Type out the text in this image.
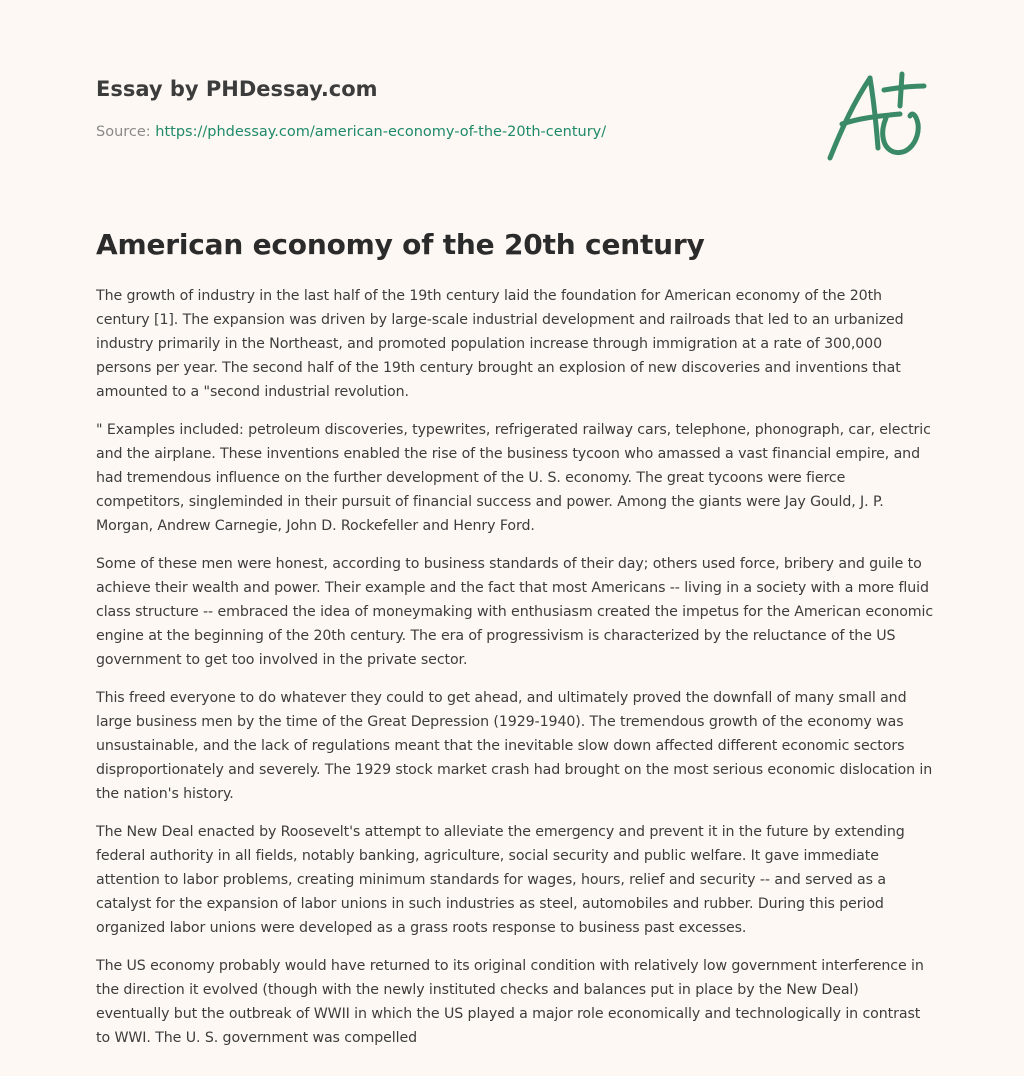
Essay by PHDessay.com
Source: https://phdessay.com/american-economy-of-the-20th-century/
American economy of the 20th century

The growth of industry in the last half of the 19th century laid the foundation for American economy of the 20th century [1]. The expansion was driven by large-scale industrial development and railroads that led to an urbanized industry primarily in the Northeast, and promoted population increase through immigration at a rate of 300,000 persons per year. The second half of the 19th century brought an explosion of new discoveries and inventions that amounted to a "second industrial revolution.

" Examples included: petroleum discoveries, typewrites, refrigerated railway cars, telephone, phonograph, car, electric and the airplane. These inventions enabled the rise of the business tycoon who amassed a vast financial empire, and had tremendous influence on the further development of the U. S. economy. The great tycoons were fierce competitors, singleminded in their pursuit of financial success and power. Among the giants were Jay Gould, J. P. Morgan, Andrew Carnegie, John D. Rockefeller and Henry Ford.

Some of these men were honest, according to business standards of their day; others used force, bribery and guile to achieve their wealth and power. Their example and the fact that most Americans -- living in a society with a more fluid class structure -- embraced the idea of moneymaking with enthusiasm created the impetus for the American economic engine at the beginning of the 20th century. The era of progressivism is characterized by the reluctance of the US government to get too involved in the private sector.

This freed everyone to do whatever they could to get ahead, and ultimately proved the downfall of many small and large business men by the time of the Great Depression (1929-1940). The tremendous growth of the economy was unsustainable, and the lack of regulations meant that the inevitable slow down affected different economic sectors disproportionately and severely. The 1929 stock market crash had brought on the most serious economic dislocation in the nation's history.

The New Deal enacted by Roosevelt's attempt to alleviate the emergency and prevent it in the future by extending federal authority in all fields, notably banking, agriculture, social security and public welfare. It gave immediate attention to labor problems, creating minimum standards for wages, hours, relief and security -- and served as a catalyst for the expansion of labor unions in such industries as steel, automobiles and rubber. During this period organized labor unions were developed as a grass roots response to business past excesses.

The US economy probably would have returned to its original condition with relatively low government interference in the direction it evolved (though with the newly instituted checks and balances put in place by the New Deal) eventually but the outbreak of WWII in which the US played a major role economically and technologically in contrast to WWI. The U. S. government was compelled
